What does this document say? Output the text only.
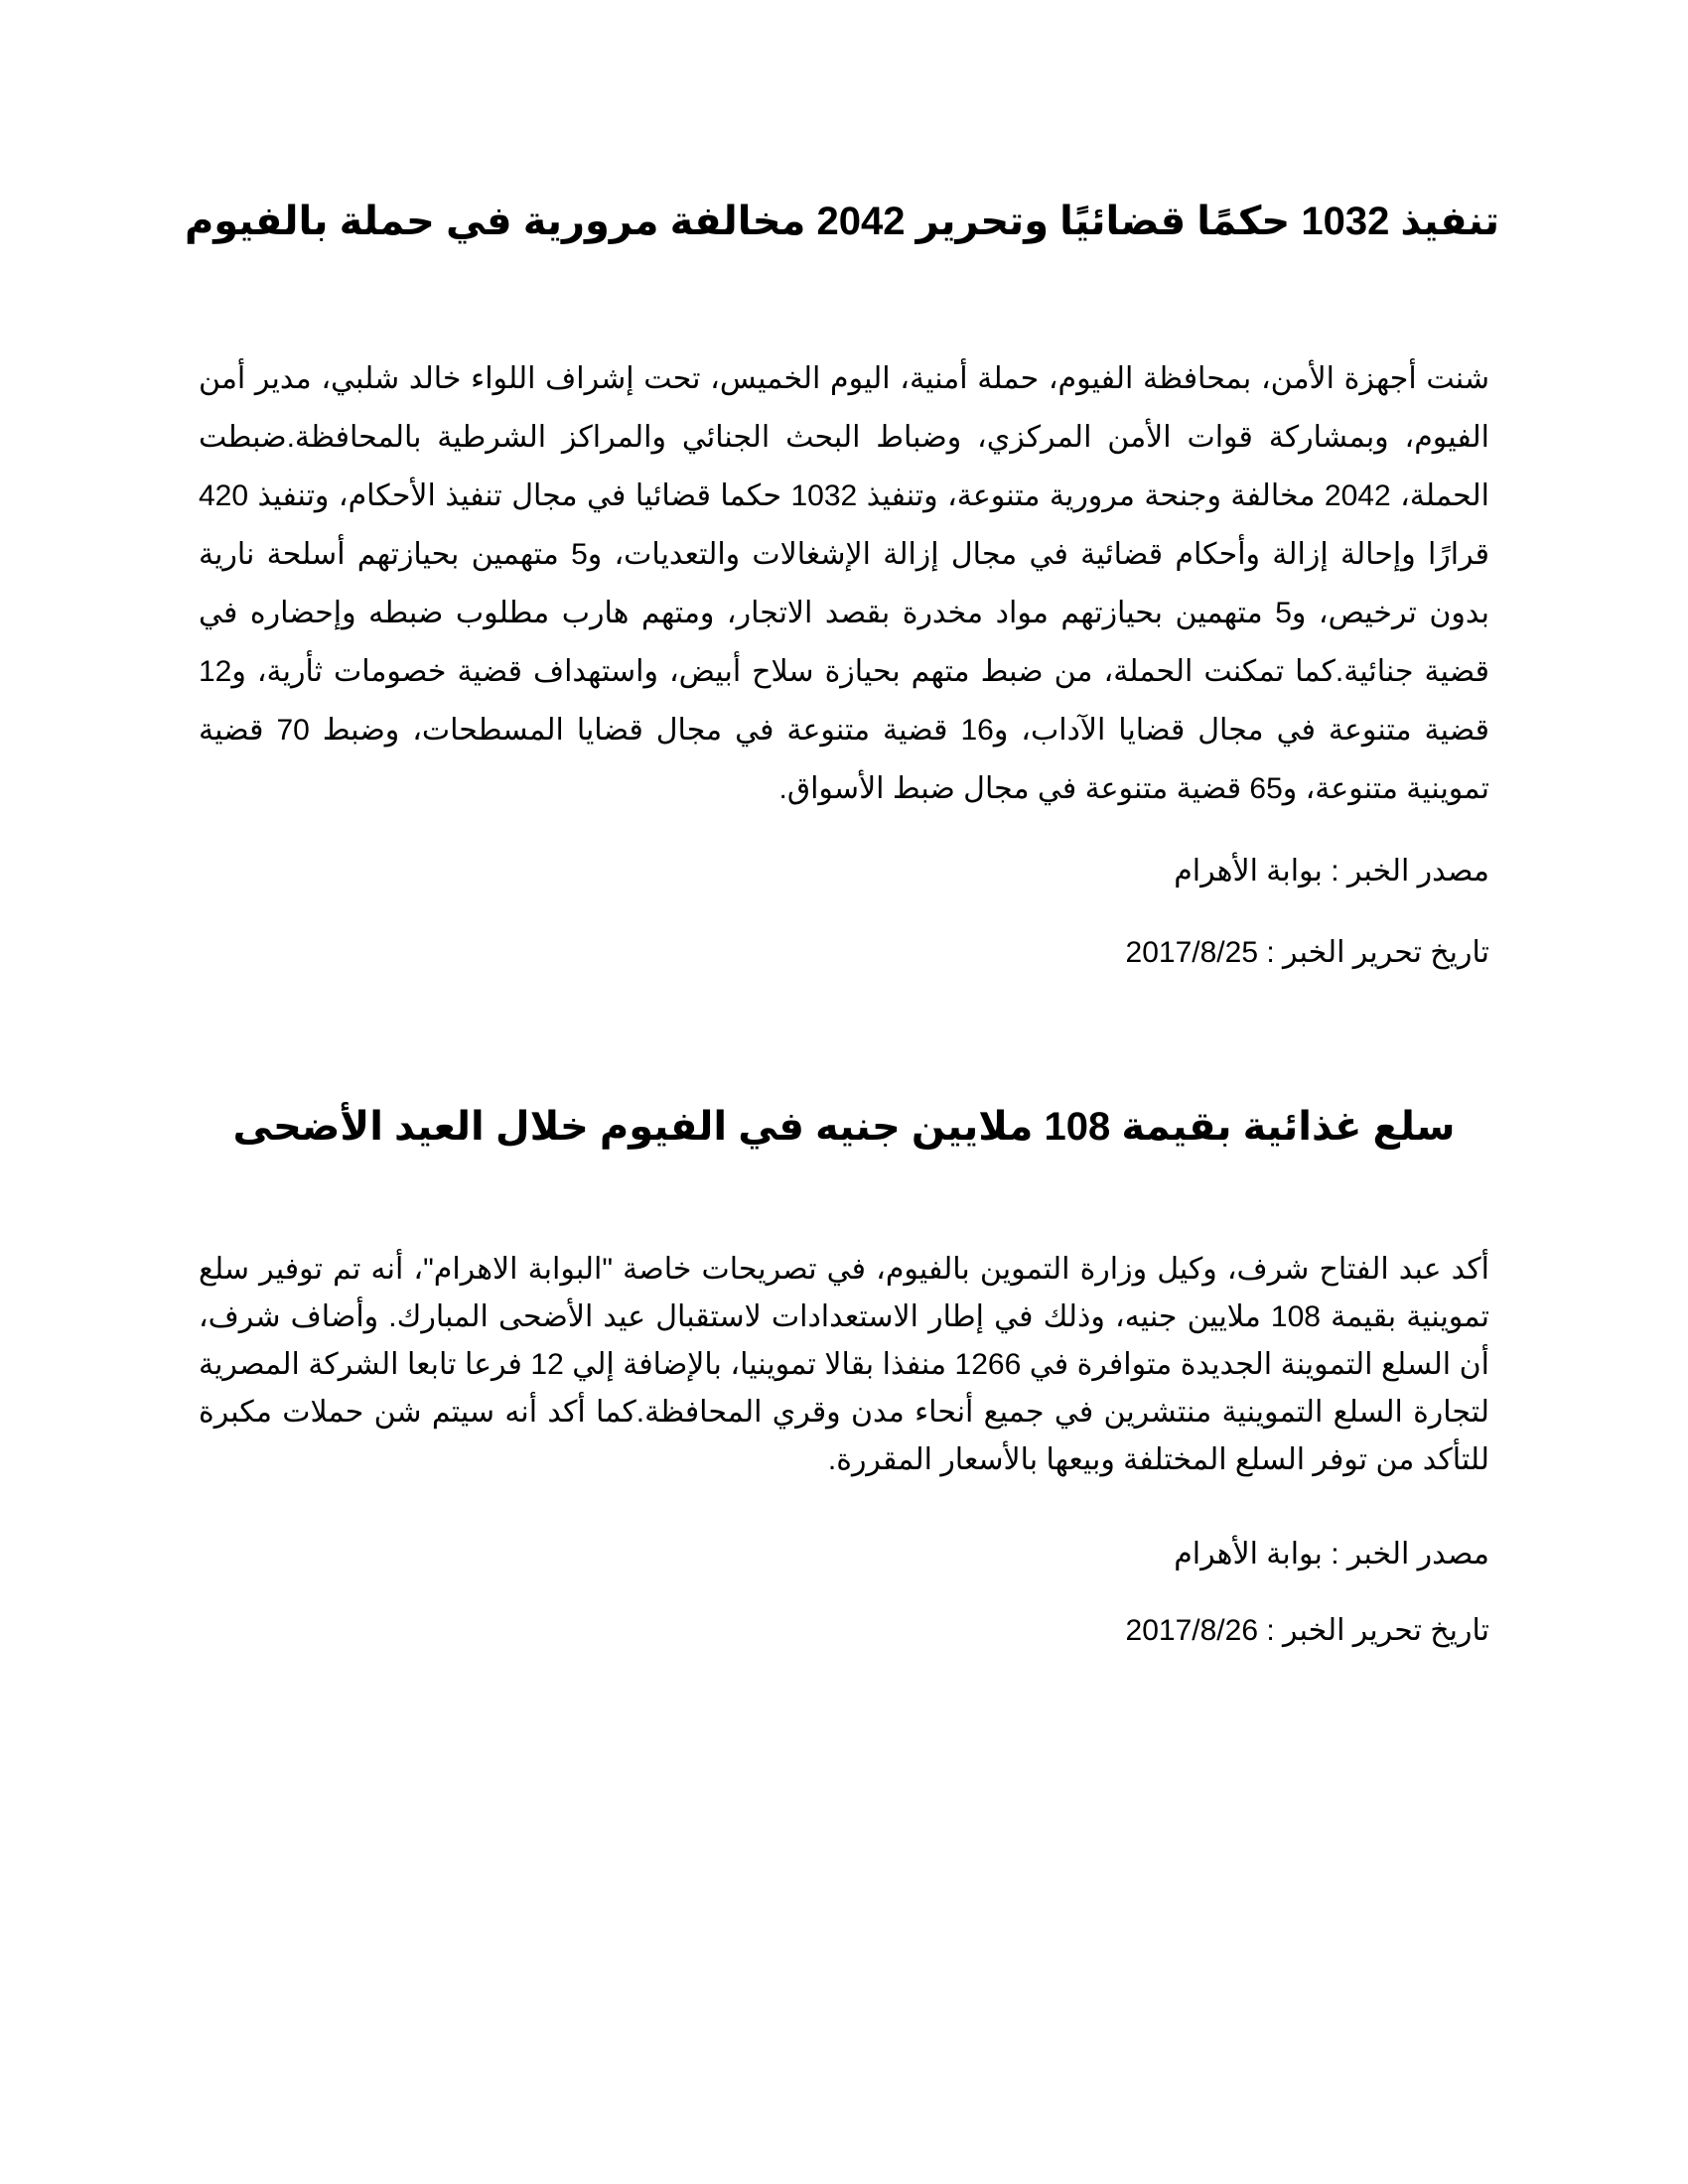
تنفيذ 1032 حكمًا قضائيًا وتحرير 2042 مخالفة مرورية في حملة بالفيوم

شنت أجهزة الأمن، بمحافظة الفيوم، حملة أمنية، اليوم الخميس، تحت إشراف اللواء خالد شلبي، مدير أمن الفيوم، وبمشاركة قوات الأمن المركزي، وضباط البحث الجنائي والمراكز الشرطية بالمحافظة.ضبطت الحملة، 2042 مخالفة وجنحة مرورية متنوعة، وتنفيذ 1032 حكما قضائيا في مجال تنفيذ الأحكام، وتنفيذ 420 قرارًا وإحالة إزالة وأحكام قضائية في مجال إزالة الإشغالات والتعديات، و5 متهمين بحيازتهم أسلحة نارية بدون ترخيص، و5 متهمين بحيازتهم مواد مخدرة بقصد الاتجار، ومتهم هارب مطلوب ضبطه وإحضاره في قضية جنائية.كما تمكنت الحملة، من ضبط متهم بحيازة سلاح أبيض، واستهداف قضية خصومات ثأرية، و12 قضية متنوعة في مجال قضايا الآداب، و16 قضية متنوعة في مجال قضايا المسطحات، وضبط 70 قضية تموينية متنوعة، و65 قضية متنوعة في مجال ضبط الأسواق.

مصدر الخبر : بوابة الأهرام

تاريخ تحرير الخبر : 2017/8/25

سلع غذائية بقيمة 108 ملايين جنيه في الفيوم خلال العيد الأضحى

أكد عبد الفتاح شرف، وكيل وزارة التموين بالفيوم، في تصريحات خاصة "البوابة الاهرام"، أنه تم توفير سلع تموينية بقيمة 108 ملايين جنيه، وذلك في إطار الاستعدادات لاستقبال عيد الأضحى المبارك. وأضاف شرف، أن السلع التموينة الجديدة متوافرة في 1266 منفذا بقالا تموينيا، بالإضافة إلي 12 فرعا تابعا الشركة المصرية لتجارة السلع التموينية منتشرين في جميع أنحاء مدن وقري المحافظة.كما أكد أنه سيتم شن حملات مكبرة للتأكد من توفر السلع المختلفة وبيعها بالأسعار المقررة.

مصدر الخبر : بوابة الأهرام

تاريخ تحرير الخبر : 2017/8/26
